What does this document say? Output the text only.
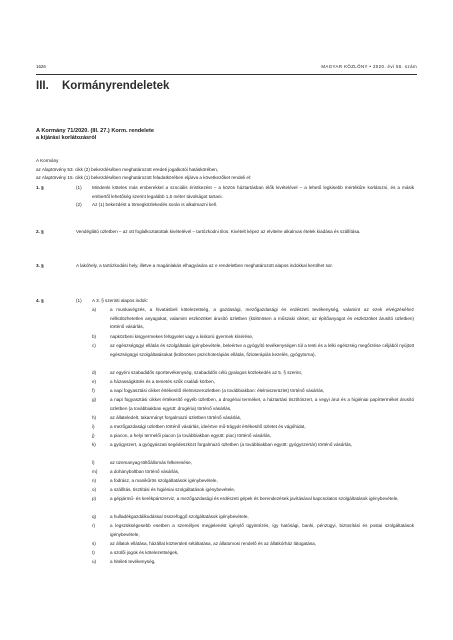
1626	MAGYAR KÖZLÖNY • 2020. évi 56. szám
III. Kormányrendeletek
A Kormány 71/2020. (III. 27.) Korm. rendelete
a kijárási korlátozásról
A Kormány
az Alaptörvény 53. cikk (2) bekezdésében meghatározott eredeti jogalkotói hatáskörében,
az Alaptörvény 15. cikk (1) bekezdésében meghatározott feladatkörében eljárva a következőket rendeli el:
1. §	(1)	Mindenki köteles más emberekkel a szociális érintkezést – a közös háztartásban élők kivételével – a lehető legkisebb mértékűre korlátozni, és a másik embertől lehetőség szerint legalább 1,5 méter távolságot tartani.
(2)	Az (1) bekezdést a tömegközlekedés során is alkalmazni kell.
2. §	Vendéglátó üzletben – az ott foglalkoztatottak kivételével – tartózkodni tilos. Kivételt képez az elvitelre alkalmas ételek kiadása és szállítása.
3. §	A lakóhely, a tartózkodási hely, illetve a magánlakás elhagyására az e rendeletben meghatározott alapos indokkal kerülhet sor.
4. §	(1)	A 3. § szerinti alapos indok:
a)	a munkavégzés, a hivatásbeli kötelezettség, a gazdasági, mezőgazdasági és erdészeti tevékenység, valamint az ezek elvégzéséhez nélkülözhetetlen anyagokat, valamint eszközöket árusító üzletben (különösen a műszaki cikket, az építőanyagot és eszközöket árusító üzletben) történő vásárlás,
b)	napközbeni kisgyermekes felügyelet vagy a kiskorú gyermek kísérése,
c)	az egészségügyi ellátás és szolgáltatás igénybevétele, beleértve a gyógyító tevékenységen túl a testi és a lelki egészség megőrzése céljából nyújtott egészségügyi szolgáltatásokat (különösen pszichoterápiás ellátás, fizioterápiás kezelés, gyógytorna),
d)	az egyéni szabadidős sporttevékenység, szabadidős célú gyalogos közlekedés az 5. § szerint,
e)	a házasságkötés és a temetés szűk családi körben,
f)	a napi fogyasztási cikket értékesítő élelmiszerüzletben (a továbbiakban: élelmiszerüzlet) történő vásárlás,
g)	a napi fogyasztási cikket értékesítő egyéb üzletben, a drogériai terméket, a háztartási tisztítószert, a vegyi árut és a higiéniai papírterméket árusító üzletben (a továbbiakban együtt: drogéria) történő vásárlás,
h)	az állateledelt, takarmányt forgalmazó üzletben történő vásárlás,
i)	a mezőgazdasági üzletben történő vásárlás, ideértve mű-trágyát értékesítő üzletet és vágóhidat,
j)	a piacon, a helyi termelői piacon (a továbbiakban együtt: piac) történő vásárlás,
k)	a gyógyszert, a gyógyászati segédeszközt forgalmazó üzletben (a továbbiakban együtt: gyógyszertár) történő vásárlás,
l)	az üzemanyag-töltőállomás felkeresése,
m)	a dohányboltban történő vásárlás,
n)	a fodrász, a manikűrös szolgáltatások igénybevétele,
o)	a szállítás, tisztítási és higiéniai szolgáltatások igénybevétele,
p)	a gépjármű- és kerékpárszerviz, a mezőgazdasági és erdészeti gépek és berendezések javításával kapcsolatos szolgáltatások igénybevétele,
q)	a hulladékgazdálkodással összefüggő szolgáltatások igénybevétele,
r)	a legszükségesebb esetben a személyes megjelenést igénylő ügyintézés, így hatósági, banki, pénzügyi, biztosítási és postai szolgáltatások igénybevétele,
s)	az állatok ellátása, házállat közterületi sétáltatása, az állatorvosi rendelő és az állatkórház látogatása,
t)	a szülői jogok és kötelezettségek,
u)	a hitéleti tevékenység,
